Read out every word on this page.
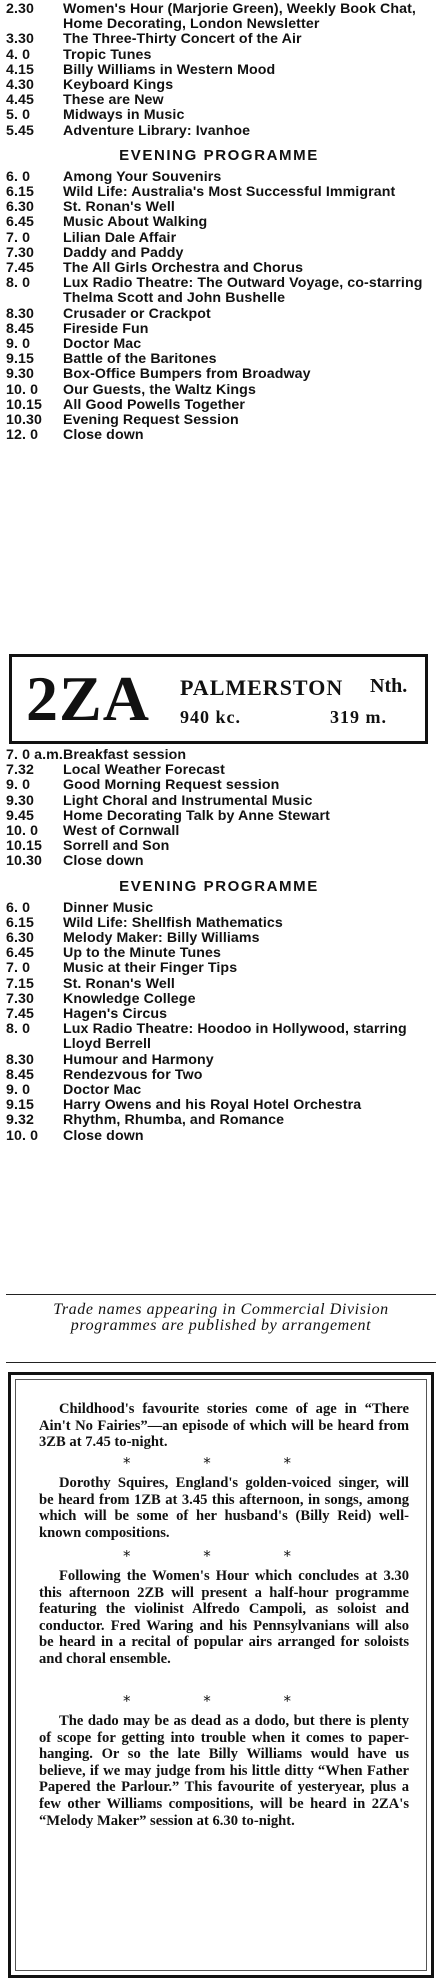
2.30	Women's Hour (Marjorie Green), Weekly Book Chat, Home Decorating, London Newsletter
3.30	The Three-Thirty Concert of the Air
4. 0	Tropic Tunes
4.15	Billy Williams in Western Mood
4.30	Keyboard Kings
4.45	These are New
5. 0	Midways in Music
5.45	Adventure Library: Ivanhoe
EVENING PROGRAMME
6. 0	Among Your Souvenirs
6.15	Wild Life: Australia's Most Successful Immigrant
6.30	St. Ronan's Well
6.45	Music About Walking
7. 0	Lilian Dale Affair
7.30	Daddy and Paddy
7.45	The All Girls Orchestra and Chorus
8. 0	Lux Radio Theatre: The Outward Voyage, co-starring Thelma Scott and John Bushelle
8.30	Crusader or Crackpot
8.45	Fireside Fun
9. 0	Doctor Mac
9.15	Battle of the Baritones
9.30	Box-Office Bumpers from Broadway
10. 0	Our Guests, the Waltz Kings
10.15	All Good Powells Together
10.30	Evening Request Session
12. 0	Close down
2ZA PALMERSTON Nth.
940 kc.	319 m.
7. 0 a.m. Breakfast session
7.32	Local Weather Forecast
9. 0	Good Morning Request session
9.30	Light Choral and Instrumental Music
9.45	Home Decorating Talk by Anne Stewart
10. 0	West of Cornwall
10.15	Sorrell and Son
10.30	Close down
EVENING PROGRAMME
6. 0	Dinner Music
6.15	Wild Life: Shellfish Mathematics
6.30	Melody Maker: Billy Williams
6.45	Up to the Minute Tunes
7. 0	Music at their Finger Tips
7.15	St. Ronan's Well
7.30	Knowledge College
7.45	Hagen's Circus
8. 0	Lux Radio Theatre: Hoodoo in Hollywood, starring Lloyd Berrell
8.30	Humour and Harmony
8.45	Rendezvous for Two
9. 0	Doctor Mac
9.15	Harry Owens and his Royal Hotel Orchestra
9.32	Rhythm, Rhumba, and Romance
10. 0	Close down
Trade names appearing in Commercial Division programmes are published by arrangement
Childhood's favourite stories come of age in “There Ain't No Fairies”—an episode of which will be heard from 3ZB at 7.45 to-night.
* * *
Dorothy Squires, England's golden-voiced singer, will be heard from 1ZB at 3.45 this afternoon, in songs, among which will be some of her husband's (Billy Reid) well-known compositions.
* * *
Following the Women's Hour which concludes at 3.30 this afternoon 2ZB will present a half-hour programme featuring the violinist Alfredo Campoli, as soloist and conductor. Fred Waring and his Pennsylvanians will also be heard in a recital of popular airs arranged for soloists and choral ensemble.
* * *
The dado may be as dead as a dodo, but there is plenty of scope for getting into trouble when it comes to paper-hanging. Or so the late Billy Williams would have us believe, if we may judge from his little ditty “When Father Papered the Parlour.” This favourite of yesteryear, plus a few other Williams compositions, will be heard in 2ZA's “Melody Maker” session at 6.30 to-night.
